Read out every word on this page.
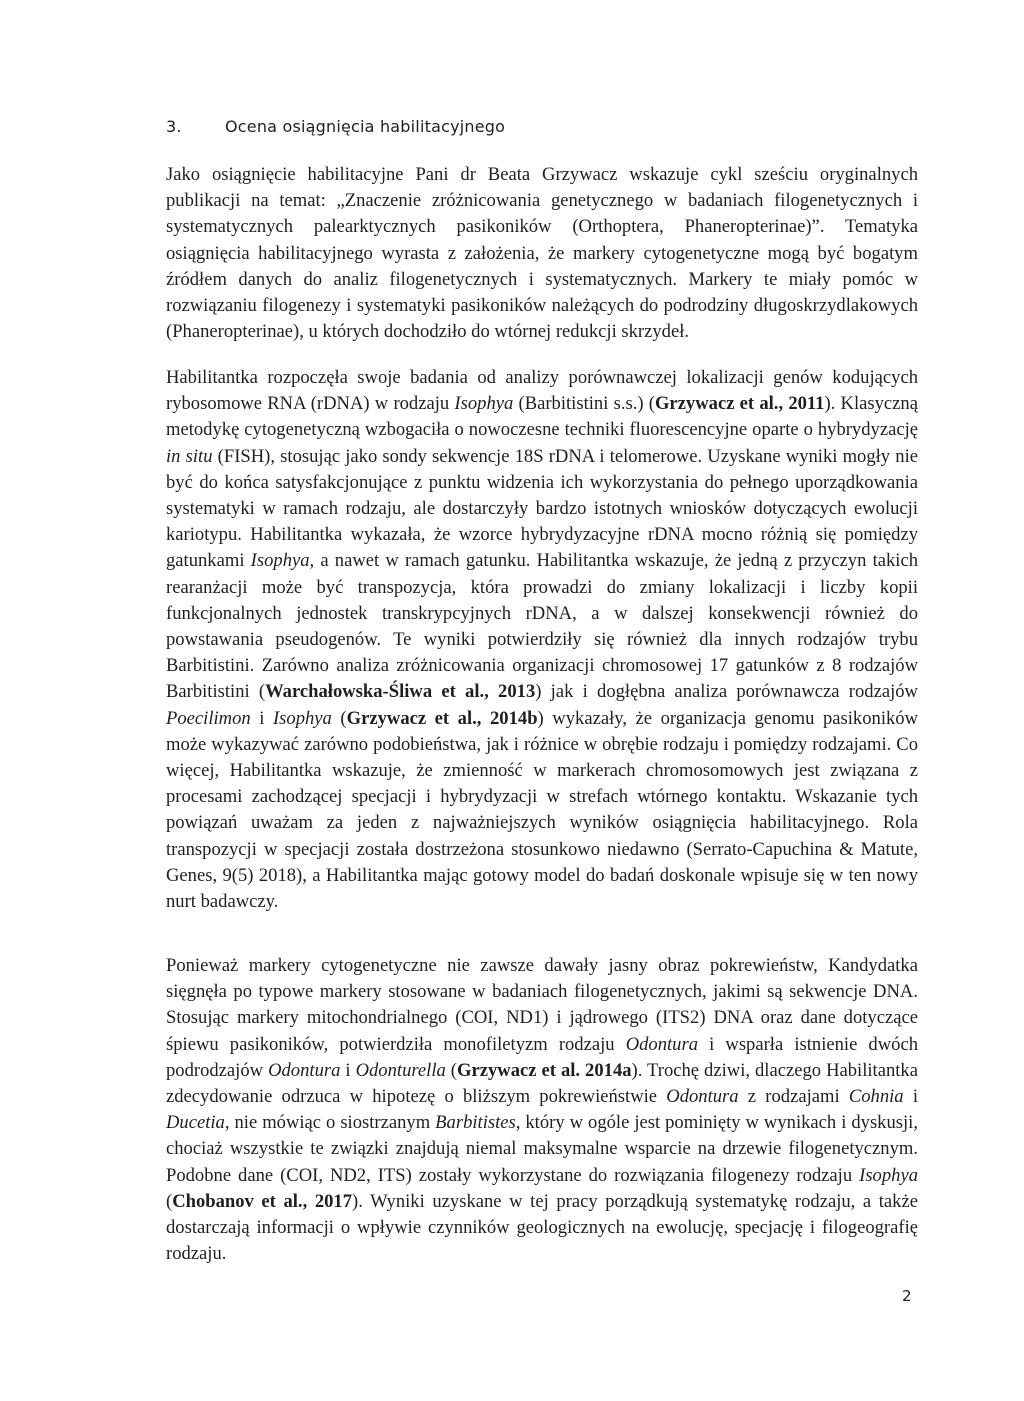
3.	Ocena osiągnięcia habilitacyjnego

Jako osiągnięcie habilitacyjne Pani dr Beata Grzywacz wskazuje cykl sześciu oryginalnych publikacji na temat: „Znaczenie zróżnicowania genetycznego w badaniach filogenetycznych i systematycznych palearktycznych pasikoników (Orthoptera, Phaneropterinae)”. Tematyka osiągnięcia habilitacyjnego wyrasta z założenia, że markery cytogenetyczne mogą być bogatym źródłem danych do analiz filogenetycznych i systematycznych. Markery te miały pomóc w rozwiązaniu filogenezy i systematyki pasikoników należących do podrodziny długoskrzydlakowych (Phaneropterinae), u których dochodziło do wtórnej redukcji skrzydeł.

Habilitantka rozpoczęła swoje badania od analizy porównawczej lokalizacji genów kodujących rybosomowe RNA (rDNA) w rodzaju Isophya (Barbitistini s.s.) (Grzywacz et al., 2011). Klasyczną metodykę cytogenetyczną wzbogaciła o nowoczesne techniki fluorescencyjne oparte o hybrydyzację in situ (FISH), stosując jako sondy sekwencje 18S rDNA i telomerowe. Uzyskane wyniki mogły nie być do końca satysfakcjonujące z punktu widzenia ich wykorzystania do pełnego uporządkowania systematyki w ramach rodzaju, ale dostarczyły bardzo istotnych wniosków dotyczących ewolucji kariotypu. Habilitantka wykazała, że wzorce hybrydyzacyjne rDNA mocno różnią się pomiędzy gatunkami Isophya, a nawet w ramach gatunku. Habilitantka wskazuje, że jedną z przyczyn takich rearanżacji może być transpozycja, która prowadzi do zmiany lokalizacji i liczby kopii funkcjonalnych jednostek transkrypcyjnych rDNA, a w dalszej konsekwencji również do powstawania pseudogenów. Te wyniki potwierdziły się również dla innych rodzajów trybu Barbitistini. Zarówno analiza zróżnicowania organizacji chromosowej 17 gatunków z 8 rodzajów Barbitistini (Warchałowska-Śliwa et al., 2013) jak i dogłębna analiza porównawcza rodzajów Poecilimon i Isophya (Grzywacz et al., 2014b) wykazały, że organizacja genomu pasikoników może wykazywać zarówno podobieństwa, jak i różnice w obrębie rodzaju i pomiędzy rodzajami. Co więcej, Habilitantka wskazuje, że zmienność w markerach chromosomowych jest związana z procesami zachodzącej specjacji i hybrydyzacji w strefach wtórnego kontaktu. Wskazanie tych powiązań uważam za jeden z najważniejszych wyników osiągnięcia habilitacyjnego. Rola transpozycji w specjacji została dostrzeżona stosunkowo niedawno (Serrato-Capuchina & Matute, Genes, 9(5) 2018), a Habilitantka mając gotowy model do badań doskonale wpisuje się w ten nowy nurt badawczy.

Ponieważ markery cytogenetyczne nie zawsze dawały jasny obraz pokrewieństw, Kandydatka sięgnęła po typowe markery stosowane w badaniach filogenetycznych, jakimi są sekwencje DNA. Stosując markery mitochondrialnego (COI, ND1) i jądrowego (ITS2) DNA oraz dane dotyczące śpiewu pasikoników, potwierdziła monofiletyzm rodzaju Odontura i wsparła istnienie dwóch podrodzajów Odontura i Odonturella (Grzywacz et al. 2014a). Trochę dziwi, dlaczego Habilitantka zdecydowanie odrzuca w hipotezę o bliższym pokrewieństwie Odontura z rodzajami Cohnia i Ducetia, nie mówiąc o siostrzanym Barbitistes, który w ogóle jest pominięty w wynikach i dyskusji, chociaż wszystkie te związki znajdują niemal maksymalne wsparcie na drzewie filogenetycznym. Podobne dane (COI, ND2, ITS) zostały wykorzystane do rozwiązania filogenezy rodzaju Isophya (Chobanov et al., 2017). Wyniki uzyskane w tej pracy porządkują systematykę rodzaju, a także dostarczają informacji o wpływie czynników geologicznych na ewolucję, specjację i filogeografię rodzaju.

2
